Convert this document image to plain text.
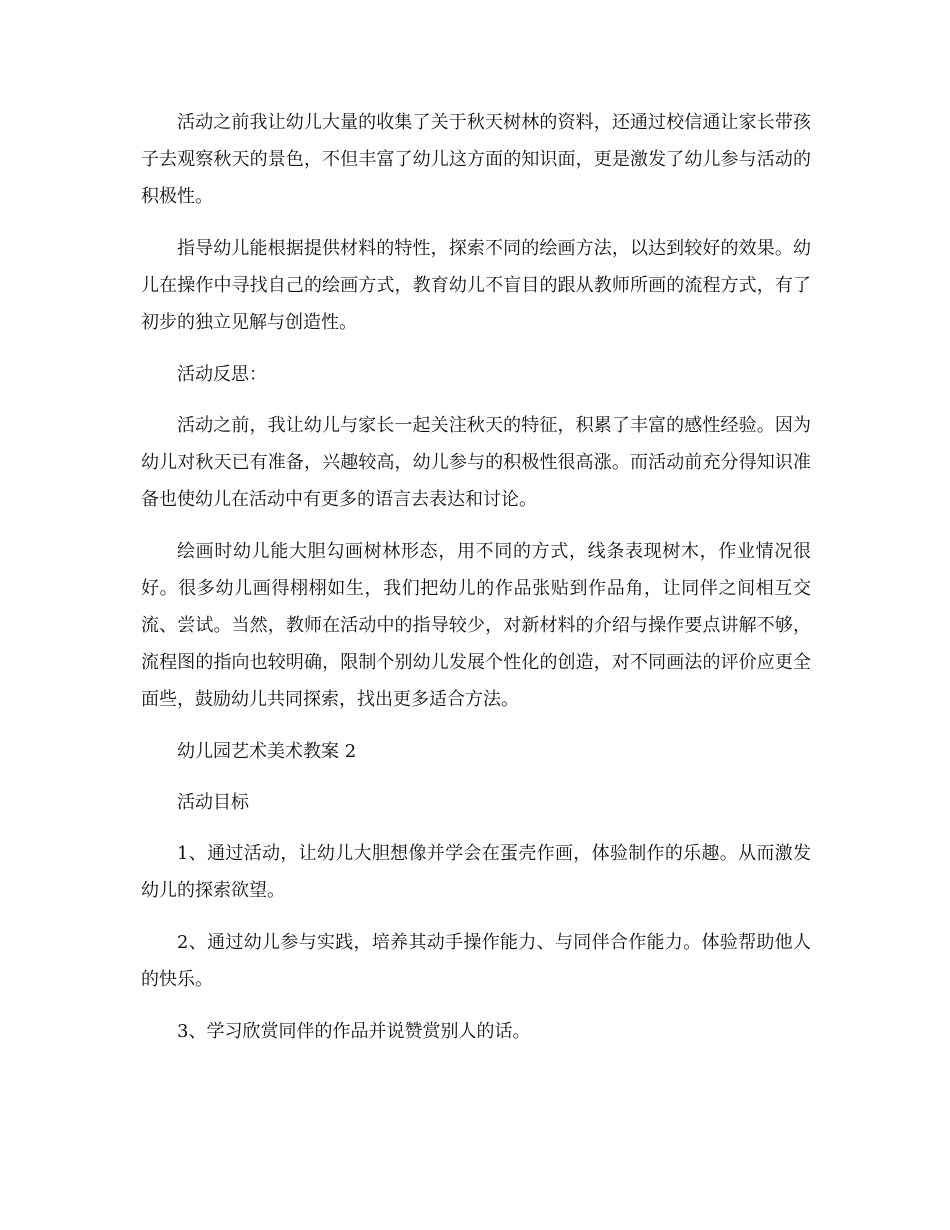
活动之前我让幼儿大量的收集了关于秋天树林的资料，还通过校信通让家长带孩子去观察秋天的景色，不但丰富了幼儿这方面的知识面，更是激发了幼儿参与活动的积极性。

指导幼儿能根据提供材料的特性，探索不同的绘画方法，以达到较好的效果。幼儿在操作中寻找自己的绘画方式，教育幼儿不盲目的跟从教师所画的流程方式，有了初步的独立见解与创造性。

活动反思：

活动之前，我让幼儿与家长一起关注秋天的特征，积累了丰富的感性经验。因为幼儿对秋天已有准备，兴趣较高，幼儿参与的积极性很高涨。而活动前充分得知识准备也使幼儿在活动中有更多的语言去表达和讨论。

绘画时幼儿能大胆勾画树林形态，用不同的方式，线条表现树木，作业情况很好。很多幼儿画得栩栩如生，我们把幼儿的作品张贴到作品角，让同伴之间相互交流、尝试。当然，教师在活动中的指导较少，对新材料的介绍与操作要点讲解不够，流程图的指向也较明确，限制个别幼儿发展个性化的创造，对不同画法的评价应更全面些，鼓励幼儿共同探索，找出更多适合方法。

幼儿园艺术美术教案 2

活动目标

1、通过活动，让幼儿大胆想像并学会在蛋壳作画，体验制作的乐趣。从而激发幼儿的探索欲望。

2、通过幼儿参与实践，培养其动手操作能力、与同伴合作能力。体验帮助他人的快乐。

3、学习欣赏同伴的作品并说赞赏别人的话。
